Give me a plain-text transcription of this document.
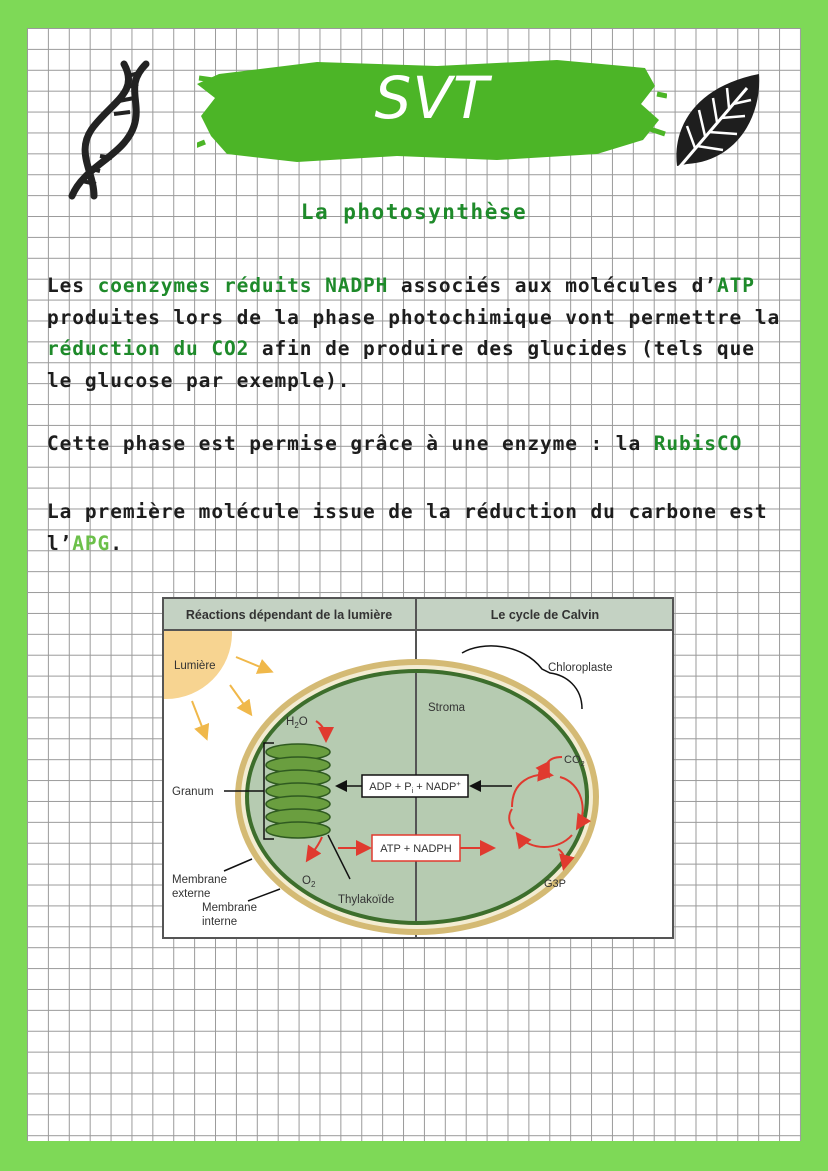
SVT
La photosynthèse
Les coenzymes réduits NADPH associés aux molécules d’ATP produites lors de la phase photochimique vont permettre la réduction du CO2 afin de produire des glucides (tels que le glucose par exemple).
Cette phase est permise grâce à une enzyme : la RubisCO
La première molécule issue de la réduction du carbone est l’APG.
Réactions dépendant de la lumière	Le cycle de Calvin
Lumière	Chloroplaste
Stroma
Granum
$H_2O$
ADP + $P_i$ + NADP+
ATP + NADPH
$CO_2$
G3P
$O_2$
Thylakoïde
Membrane
externe
Membrane
interne
